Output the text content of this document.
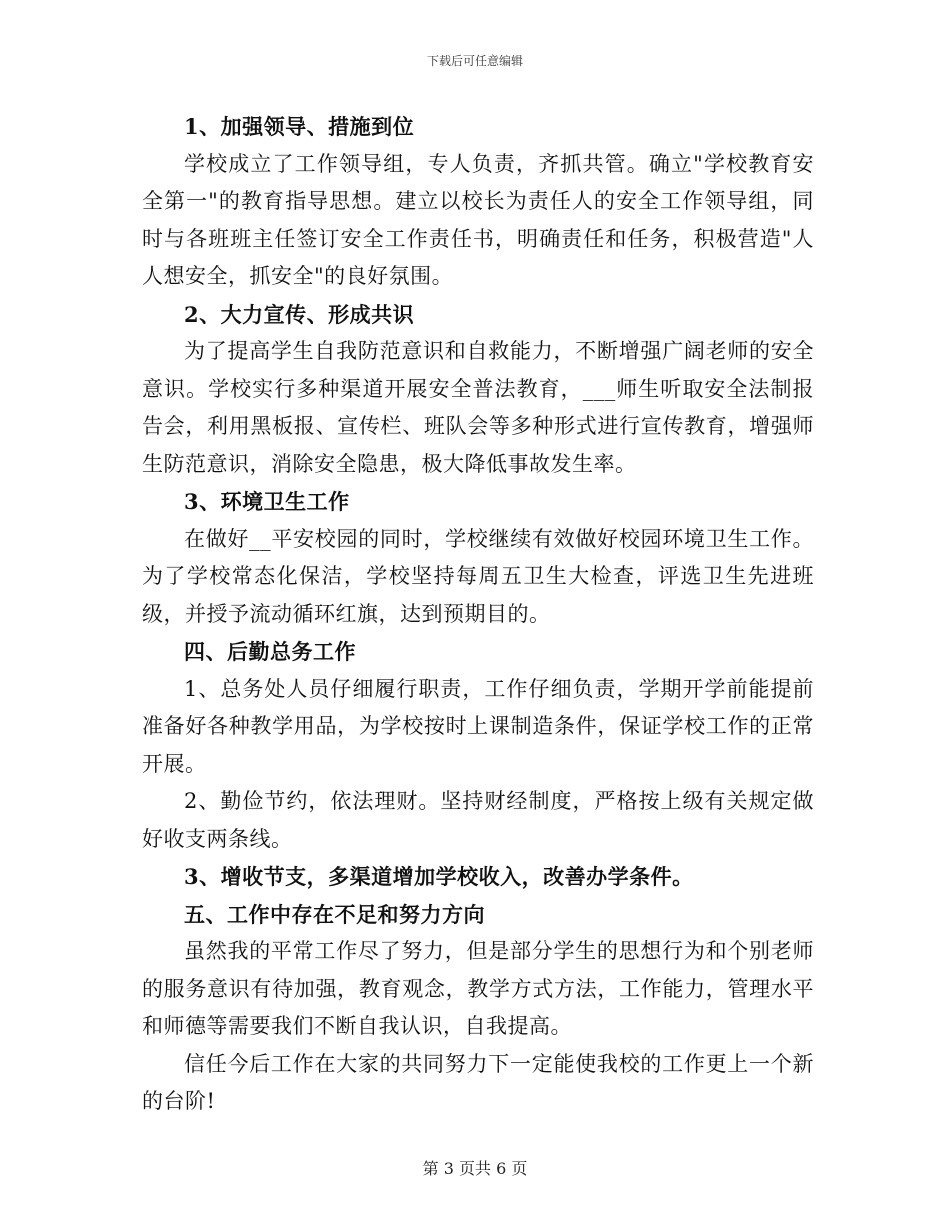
下载后可任意编辑

1、加强领导、措施到位

学校成立了工作领导组，专人负责，齐抓共管。确立"学校教育安全第一"的教育指导思想。建立以校长为责任人的安全工作领导组，同时与各班班主任签订安全工作责任书，明确责任和任务，积极营造"人人想安全，抓安全"的良好氛围。

2、大力宣传、形成共识

为了提高学生自我防范意识和自救能力，不断增强广阔老师的安全意识。学校实行多种渠道开展安全普法教育，___师生听取安全法制报告会，利用黑板报、宣传栏、班队会等多种形式进行宣传教育，增强师生防范意识，消除安全隐患，极大降低事故发生率。

3、环境卫生工作

在做好__平安校园的同时，学校继续有效做好校园环境卫生工作。为了学校常态化保洁，学校坚持每周五卫生大检查，评选卫生先进班级，并授予流动循环红旗，达到预期目的。

四、后勤总务工作

1、总务处人员仔细履行职责，工作仔细负责，学期开学前能提前准备好各种教学用品，为学校按时上课制造条件，保证学校工作的正常开展。

2、勤俭节约，依法理财。坚持财经制度，严格按上级有关规定做好收支两条线。

3、增收节支，多渠道增加学校收入，改善办学条件。

五、工作中存在不足和努力方向

虽然我的平常工作尽了努力，但是部分学生的思想行为和个别老师的服务意识有待加强，教育观念，教学方式方法，工作能力，管理水平和师德等需要我们不断自我认识，自我提高。

信任今后工作在大家的共同努力下一定能使我校的工作更上一个新的台阶!

第 3 页共 6 页
